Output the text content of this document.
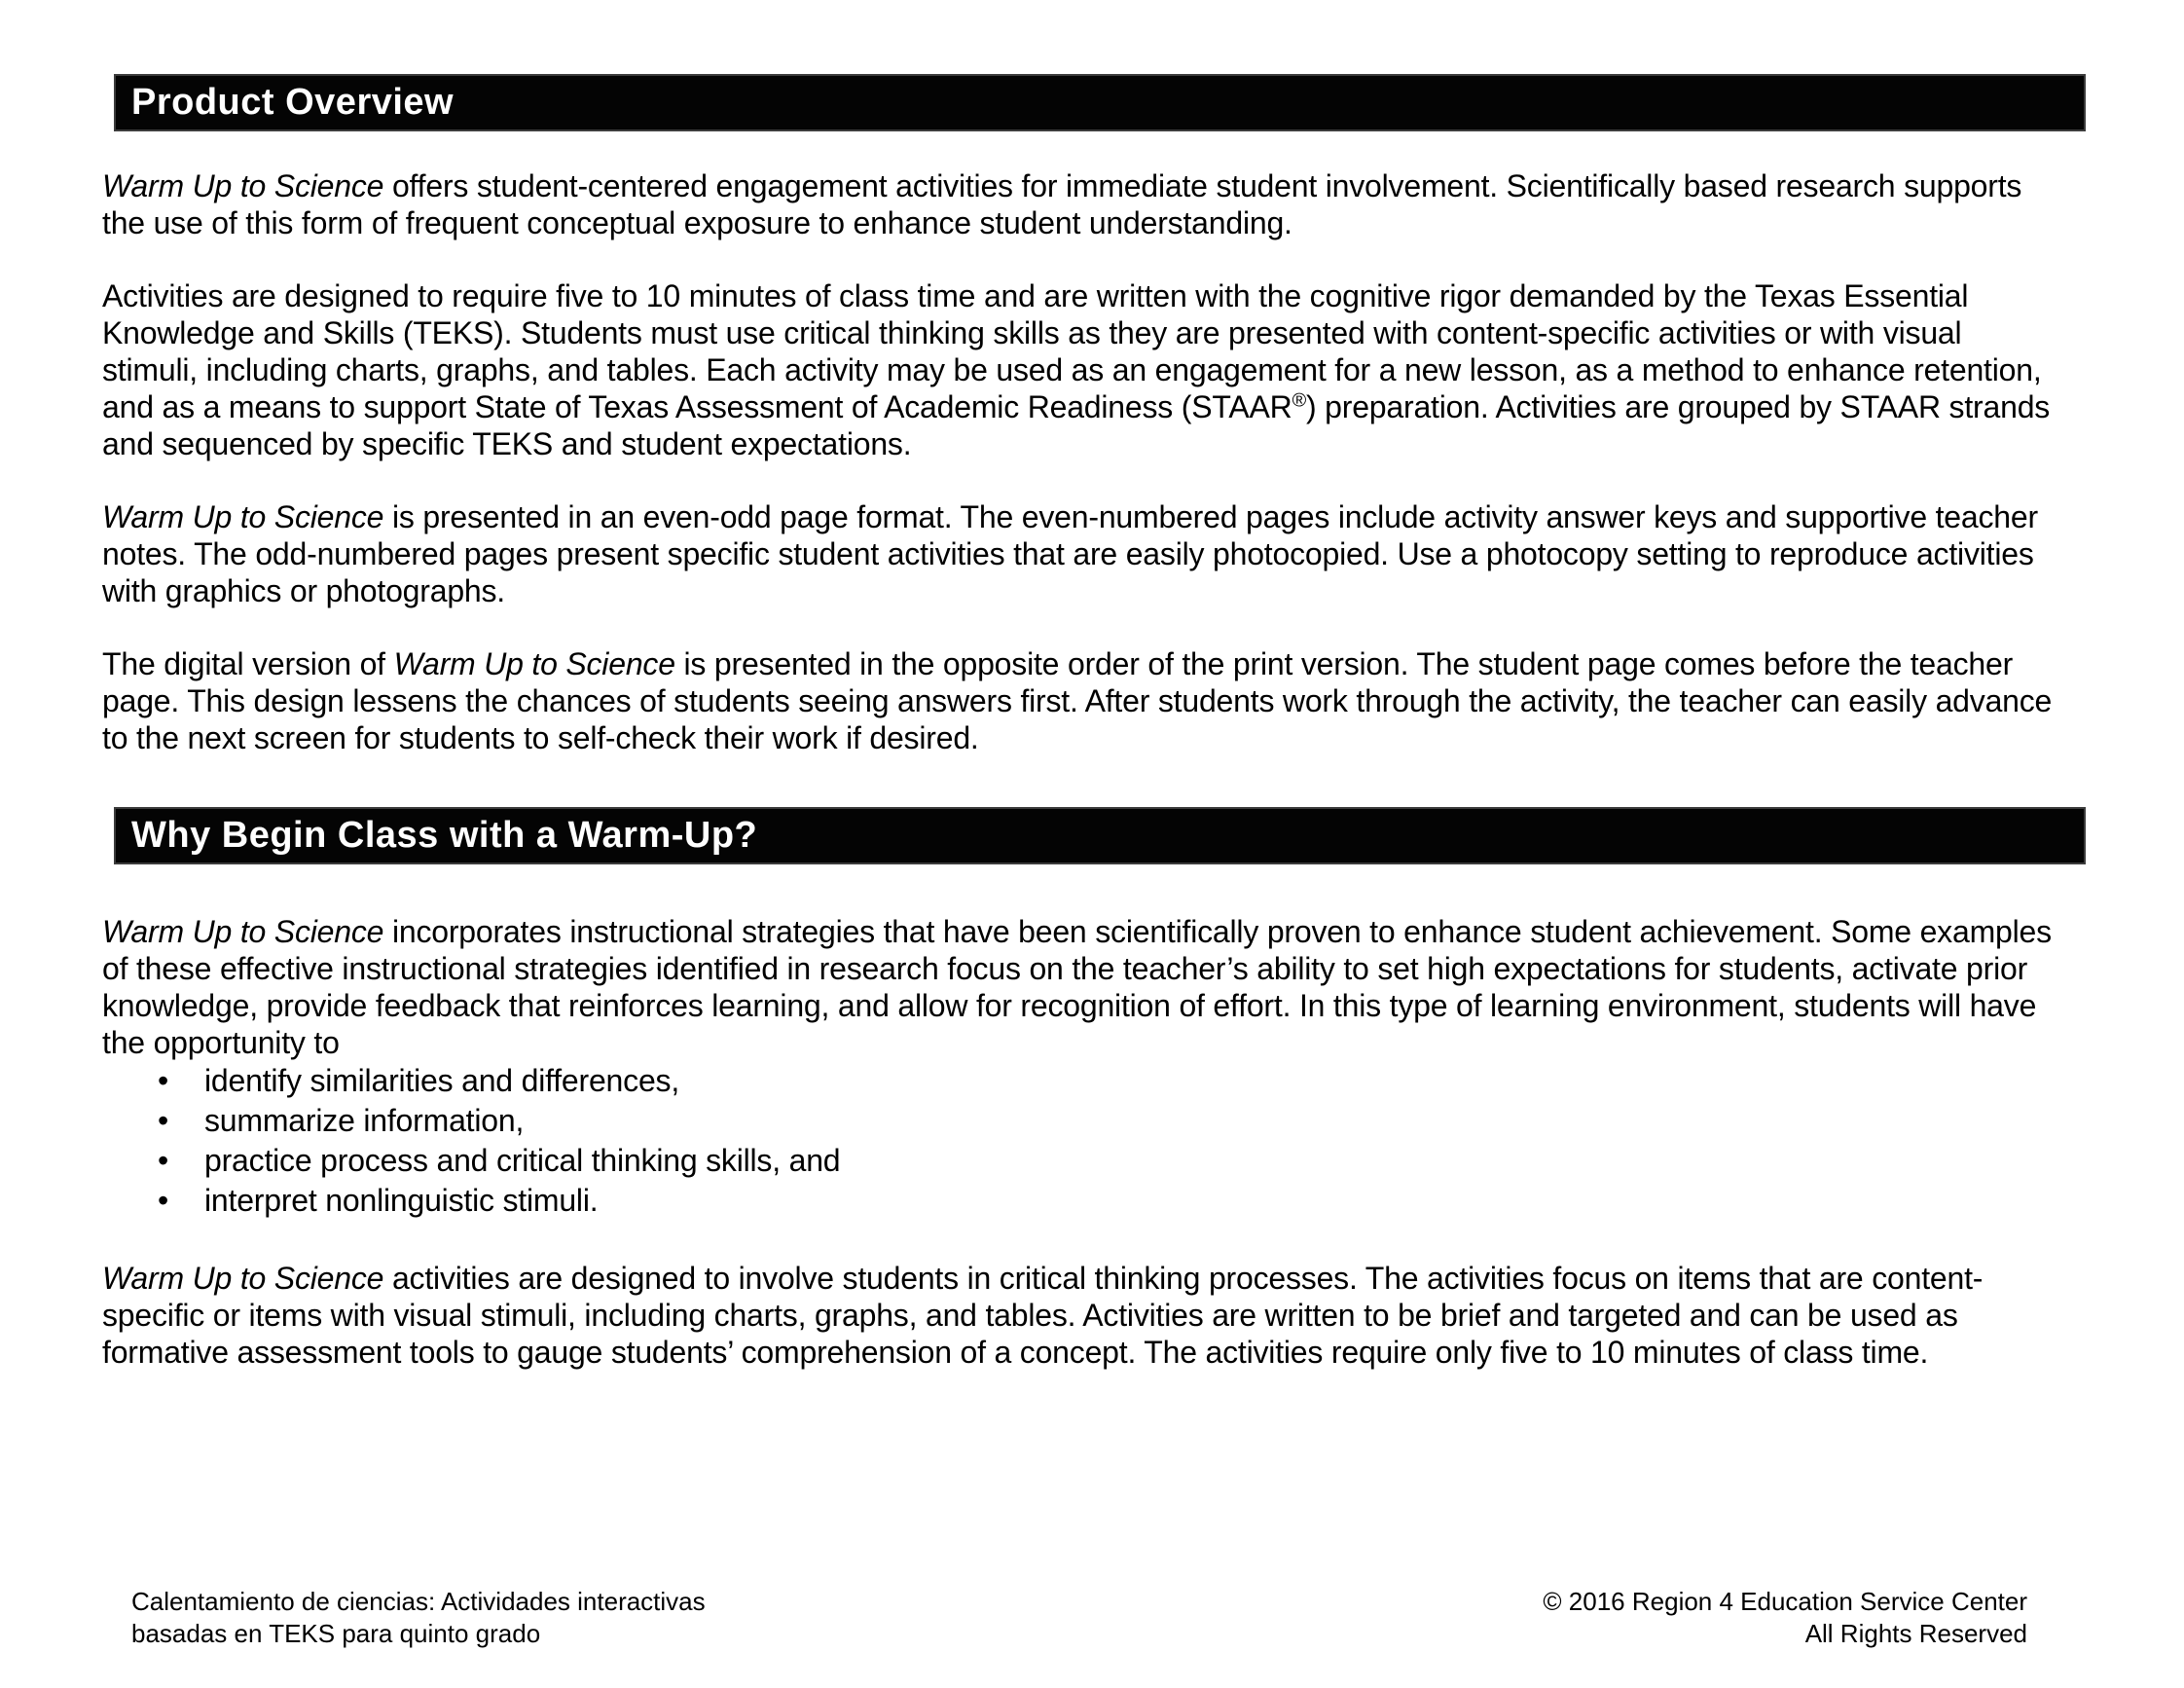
Product Overview

Warm Up to Science offers student-centered engagement activities for immediate student involvement. Scientifically based research supports the use of this form of frequent conceptual exposure to enhance student understanding.

Activities are designed to require five to 10 minutes of class time and are written with the cognitive rigor demanded by the Texas Essential Knowledge and Skills (TEKS). Students must use critical thinking skills as they are presented with content-specific activities or with visual stimuli, including charts, graphs, and tables. Each activity may be used as an engagement for a new lesson, as a method to enhance retention, and as a means to support State of Texas Assessment of Academic Readiness (STAAR®) preparation. Activities are grouped by STAAR strands and sequenced by specific TEKS and student expectations.

Warm Up to Science is presented in an even-odd page format. The even-numbered pages include activity answer keys and supportive teacher notes. The odd-numbered pages present specific student activities that are easily photocopied. Use a photocopy setting to reproduce activities with graphics or photographs.

The digital version of Warm Up to Science is presented in the opposite order of the print version. The student page comes before the teacher page. This design lessens the chances of students seeing answers first. After students work through the activity, the teacher can easily advance to the next screen for students to self-check their work if desired.

Why Begin Class with a Warm-Up?

Warm Up to Science incorporates instructional strategies that have been scientifically proven to enhance student achievement. Some examples of these effective instructional strategies identified in research focus on the teacher’s ability to set high expectations for students, activate prior knowledge, provide feedback that reinforces learning, and allow for recognition of effort. In this type of learning environment, students will have the opportunity to

•	identify similarities and differences,
•	summarize information,
•	practice process and critical thinking skills, and
•	interpret nonlinguistic stimuli.

Warm Up to Science activities are designed to involve students in critical thinking processes. The activities focus on items that are content-specific or items with visual stimuli, including charts, graphs, and tables. Activities are written to be brief and targeted and can be used as formative assessment tools to gauge students’ comprehension of a concept. The activities require only five to 10 minutes of class time.

Calentamiento de ciencias: Actividades interactivas
basadas en TEKS para quinto grado
© 2016 Region 4 Education Service Center
All Rights Reserved
